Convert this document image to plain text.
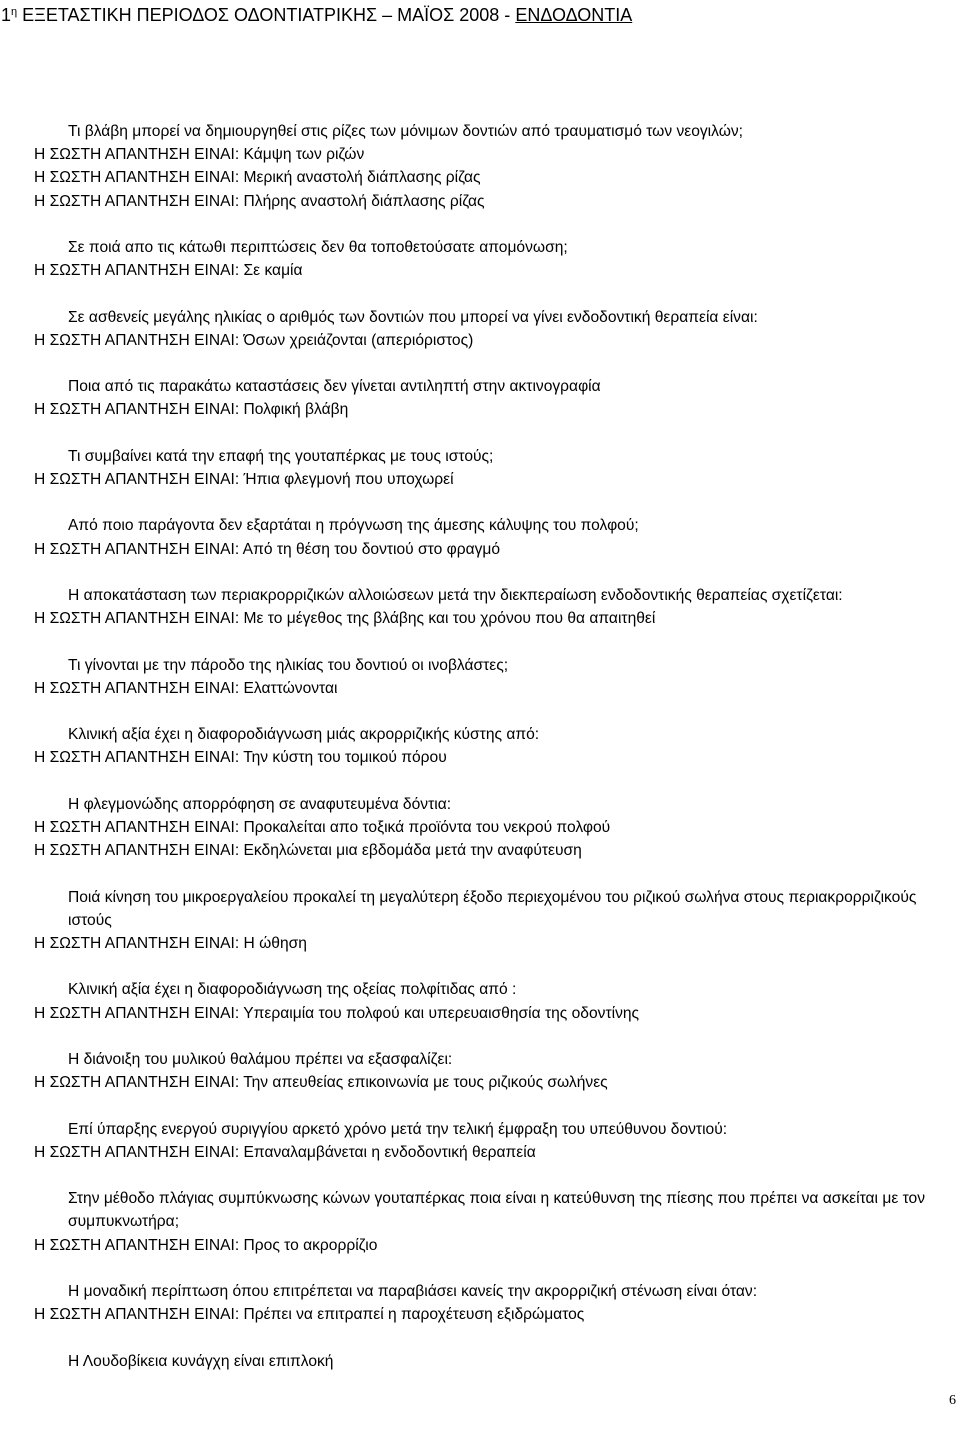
$1^\eta$ ΕΞΕΤΑΣΤΙΚΗ ΠΕΡΙΟΔΟΣ ΟΔΟΝΤΙΑΤΡΙΚΗΣ – ΜΑΪΟΣ 2008 - ΕΝΔΟΔΟΝΤΙΑ
Τι βλάβη μπορεί να δημιουργηθεί στις ρίζες των μόνιμων δοντιών από τραυματισμό των νεογιλών;
Η ΣΩΣΤΗ ΑΠΑΝΤΗΣΗ ΕΙΝΑΙ: Κάμψη των ριζών
Η ΣΩΣΤΗ ΑΠΑΝΤΗΣΗ ΕΙΝΑΙ: Μερική αναστολή διάπλασης ρίζας
Η ΣΩΣΤΗ ΑΠΑΝΤΗΣΗ ΕΙΝΑΙ: Πλήρης αναστολή διάπλασης ρίζας
Σε ποιά απο τις κάτωθι περιπτώσεις δεν θα τοποθετούσατε απομόνωση;
Η ΣΩΣΤΗ ΑΠΑΝΤΗΣΗ ΕΙΝΑΙ: Σε καμία
Σε ασθενείς μεγάλης ηλικίας ο αριθμός των δοντιών που μπορεί να γίνει ενδοδοντική θεραπεία είναι:
Η ΣΩΣΤΗ ΑΠΑΝΤΗΣΗ ΕΙΝΑΙ: Όσων χρειάζονται (απεριόριστος)
Ποια από τις παρακάτω καταστάσεις δεν γίνεται αντιληπτή στην ακτινογραφία
Η ΣΩΣΤΗ ΑΠΑΝΤΗΣΗ ΕΙΝΑΙ: Πολφική βλάβη
Τι συμβαίνει κατά την επαφή της γουταπέρκας με τους ιστούς;
Η ΣΩΣΤΗ ΑΠΑΝΤΗΣΗ ΕΙΝΑΙ: Ήπια φλεγμονή που υποχωρεί
Από ποιο παράγοντα δεν εξαρτάται η πρόγνωση της άμεσης κάλυψης του πολφού;
Η ΣΩΣΤΗ ΑΠΑΝΤΗΣΗ ΕΙΝΑΙ: Από τη θέση του δοντιού στο φραγμό
Η αποκατάσταση των περιακρορριζικών αλλοιώσεων μετά την διεκπεραίωση ενδοδοντικής θεραπείας σχετίζεται:
Η ΣΩΣΤΗ ΑΠΑΝΤΗΣΗ ΕΙΝΑΙ: Με το μέγεθος της βλάβης και του χρόνου που θα απαιτηθεί
Τι γίνονται με την πάροδο της ηλικίας του δοντιού οι ινοβλάστες;
Η ΣΩΣΤΗ ΑΠΑΝΤΗΣΗ ΕΙΝΑΙ: Ελαττώνονται
Κλινική αξία έχει η διαφοροδιάγνωση μιάς ακρορριζικής κύστης από:
Η ΣΩΣΤΗ ΑΠΑΝΤΗΣΗ ΕΙΝΑΙ: Την κύστη του τομικού πόρου
Η φλεγμονώδης απορρόφηση σε αναφυτευμένα δόντια:
Η ΣΩΣΤΗ ΑΠΑΝΤΗΣΗ ΕΙΝΑΙ: Προκαλείται απο τοξικά προϊόντα του νεκρού πολφού
Η ΣΩΣΤΗ ΑΠΑΝΤΗΣΗ ΕΙΝΑΙ: Εκδηλώνεται μια εβδομάδα μετά την αναφύτευση
Ποιά κίνηση του μικροεργαλείου προκαλεί τη μεγαλύτερη έξοδο περιεχομένου του ριζικού σωλήνα στους περιακρορριζικούς ιστούς
Η ΣΩΣΤΗ ΑΠΑΝΤΗΣΗ ΕΙΝΑΙ: Η ώθηση
Κλινική αξία έχει η διαφοροδιάγνωση της οξείας πολφίτιδας από :
Η ΣΩΣΤΗ ΑΠΑΝΤΗΣΗ ΕΙΝΑΙ: Υπεραιμία του πολφού και υπερευαισθησία της οδοντίνης
Η διάνοιξη του μυλικού θαλάμου πρέπει να εξασφαλίζει:
Η ΣΩΣΤΗ ΑΠΑΝΤΗΣΗ ΕΙΝΑΙ: Την απευθείας επικοινωνία με τους ριζικούς σωλήνες
Επί ύπαρξης ενεργού συριγγίου αρκετό χρόνο μετά την τελική έμφραξη του υπεύθυνου δοντιού:
Η ΣΩΣΤΗ ΑΠΑΝΤΗΣΗ ΕΙΝΑΙ: Επαναλαμβάνεται η ενδοδοντική θεραπεία
Στην μέθοδο πλάγιας συμπύκνωσης κώνων γουταπέρκας ποια είναι η κατεύθυνση της πίεσης που πρέπει να ασκείται με τον συμπυκνωτήρα;
Η ΣΩΣΤΗ ΑΠΑΝΤΗΣΗ ΕΙΝΑΙ: Προς το ακρορρίζιο
Η μοναδική περίπτωση όπου επιτρέπεται να παραβιάσει κανείς την ακρορριζική στένωση είναι όταν:
Η ΣΩΣΤΗ ΑΠΑΝΤΗΣΗ ΕΙΝΑΙ: Πρέπει να επιτραπεί η παροχέτευση εξιδρώματος
Η Λουδοβίκεια κυνάγχη είναι επιπλοκή
6
